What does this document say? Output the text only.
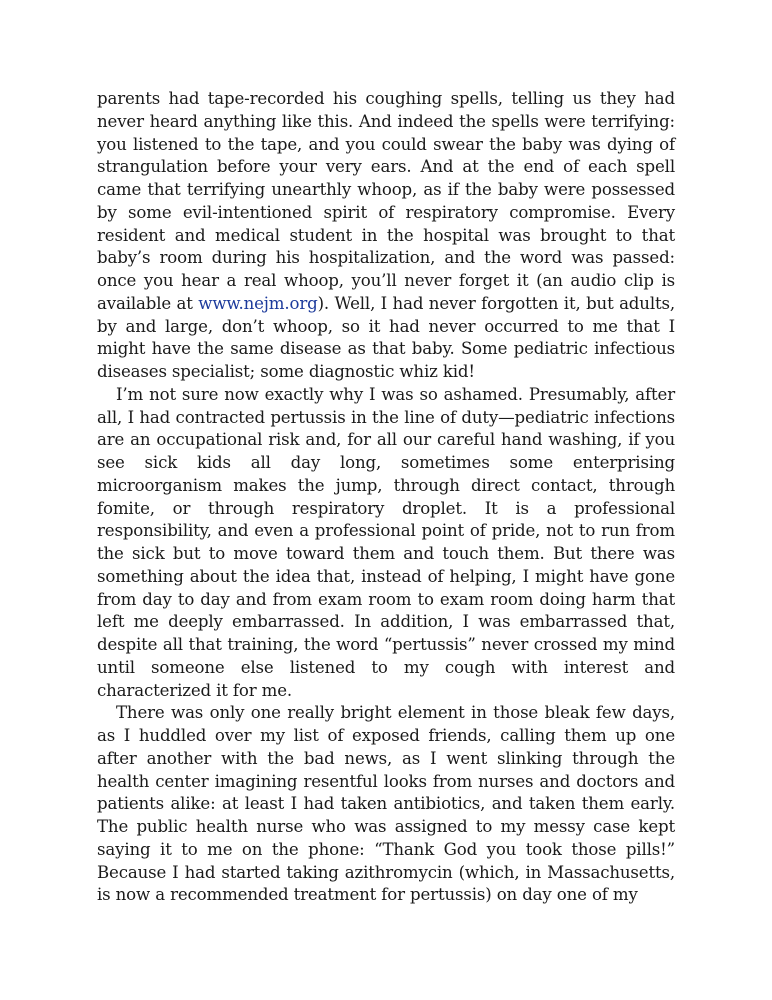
parents had tape-recorded his coughing spells, telling us they had never heard anything like this. And indeed the spells were terrifying: you listened to the tape, and you could swear the baby was dying of strangulation before your very ears. And at the end of each spell came that terrifying unearthly whoop, as if the baby were possessed by some evil-intentioned spirit of respiratory compromise. Every resident and medical student in the hospital was brought to that baby’s room during his hospitalization, and the word was passed: once you hear a real whoop, you’ll never forget it (an audio clip is available at www.nejm.org). Well, I had never forgotten it, but adults, by and large, don’t whoop, so it had never occurred to me that I might have the same disease as that baby. Some pediatric infectious diseases specialist; some diagnostic whiz kid!

I’m not sure now exactly why I was so ashamed. Presumably, after all, I had contracted pertussis in the line of duty—pediatric infections are an occupational risk and, for all our careful hand washing, if you see sick kids all day long, sometimes some enterprising microorganism makes the jump, through direct contact, through fomite, or through respiratory droplet. It is a professional responsibility, and even a professional point of pride, not to run from the sick but to move toward them and touch them. But there was something about the idea that, instead of helping, I might have gone from day to day and from exam room to exam room doing harm that left me deeply embarrassed. In addition, I was embarrassed that, despite all that training, the word “pertussis” never crossed my mind until someone else listened to my cough with interest and characterized it for me.

There was only one really bright element in those bleak few days, as I huddled over my list of exposed friends, calling them up one after another with the bad news, as I went slinking through the health center imagining resentful looks from nurses and doctors and patients alike: at least I had taken antibiotics, and taken them early. The public health nurse who was assigned to my messy case kept saying it to me on the phone: “Thank God you took those pills!” Because I had started taking azithromycin (which, in Massachusetts, is now a recommended treatment for pertussis) on day one of my
